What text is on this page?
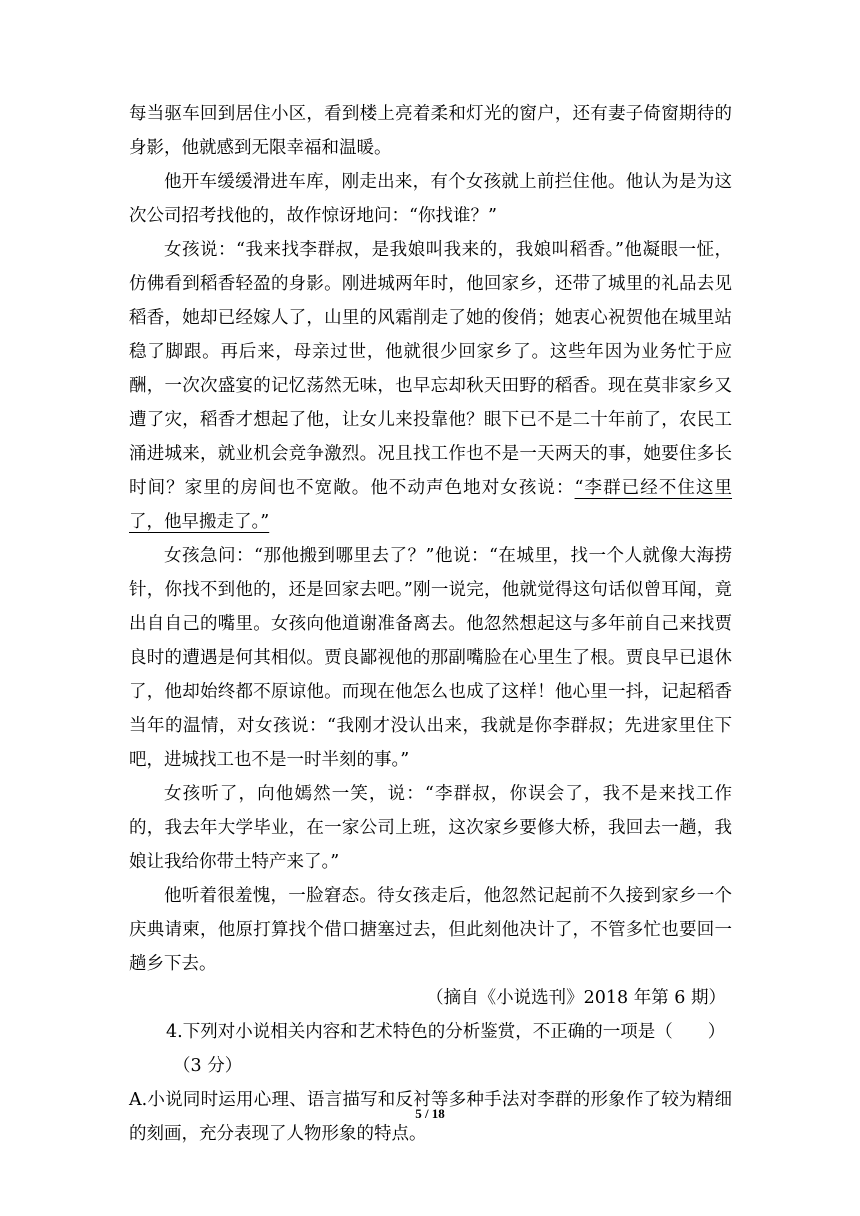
每当驱车回到居住小区，看到楼上亮着柔和灯光的窗户，还有妻子倚窗期待的身影，他就感到无限幸福和温暖。

他开车缓缓滑进车库，刚走出来，有个女孩就上前拦住他。他认为是为这次公司招考找他的，故作惊讶地问：“你找谁？”

女孩说：“我来找李群叔，是我娘叫我来的，我娘叫稻香。”他凝眼一怔，仿佛看到稻香轻盈的身影。刚进城两年时，他回家乡，还带了城里的礼品去见稻香，她却已经嫁人了，山里的风霜削走了她的俊俏；她衷心祝贺他在城里站稳了脚跟。再后来，母亲过世，他就很少回家乡了。这些年因为业务忙于应酬，一次次盛宴的记忆荡然无味，也早忘却秋天田野的稻香。现在莫非家乡又遭了灾，稻香才想起了他，让女儿来投靠他？眼下已不是二十年前了，农民工涌进城来，就业机会竞争激烈。况且找工作也不是一天两天的事，她要住多长时间？家里的房间也不宽敞。他不动声色地对女孩说：“李群已经不住这里了，他早搬走了。”

女孩急问：“那他搬到哪里去了？”他说：“在城里，找一个人就像大海捞针，你找不到他的，还是回家去吧。”刚一说完，他就觉得这句话似曾耳闻，竟出自自己的嘴里。女孩向他道谢准备离去。他忽然想起这与多年前自己来找贾良时的遭遇是何其相似。贾良鄙视他的那副嘴脸在心里生了根。贾良早已退休了，他却始终都不原谅他。而现在他怎么也成了这样！他心里一抖，记起稻香当年的温情，对女孩说：“我刚才没认出来，我就是你李群叔；先进家里住下吧，进城找工也不是一时半刻的事。”

女孩听了，向他嫣然一笑，说：“李群叔，你误会了，我不是来找工作的，我去年大学毕业，在一家公司上班，这次家乡要修大桥，我回去一趟，我娘让我给你带土特产来了。”

他听着很羞愧，一脸窘态。待女孩走后，他忽然记起前不久接到家乡一个庆典请柬，他原打算找个借口搪塞过去，但此刻他决计了，不管多忙也要回一趟乡下去。

（摘自《小说选刊》2018 年第 6 期）

4.下列对小说相关内容和艺术特色的分析鉴赏，不正确的一项是（　　）

（3 分）

A.小说同时运用心理、语言描写和反衬等多种手法对李群的形象作了较为精细的刻画，充分表现了人物形象的特点。

5 / 18
